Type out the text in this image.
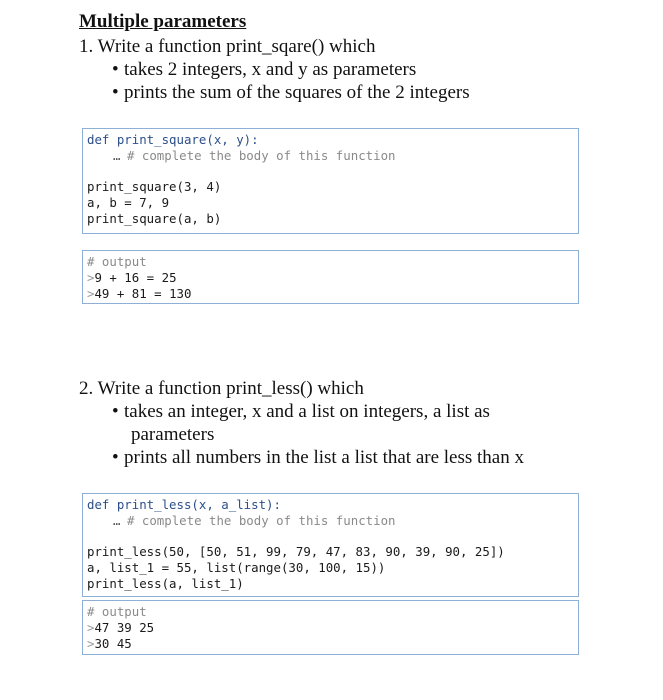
Multiple parameters
1. Write a function print_sqare() which
• takes 2 integers, x and y as parameters
• prints the sum of the squares of the 2 integers
def print_square(x, y):
… # complete the body of this function
print_square(3, 4)
a, b = 7, 9
print_square(a, b)
# output
>9 + 16 = 25
>49 + 81 = 130
2. Write a function print_less() which
• takes an integer, x and a list on integers, a list as
parameters
• prints all numbers in the list a list that are less than x
def print_less(x, a_list):
… # complete the body of this function
print_less(50, [50, 51, 99, 79, 47, 83, 90, 39, 90, 25])
a, list_1 = 55, list(range(30, 100, 15))
print_less(a, list_1)
# output
>47 39 25
>30 45
